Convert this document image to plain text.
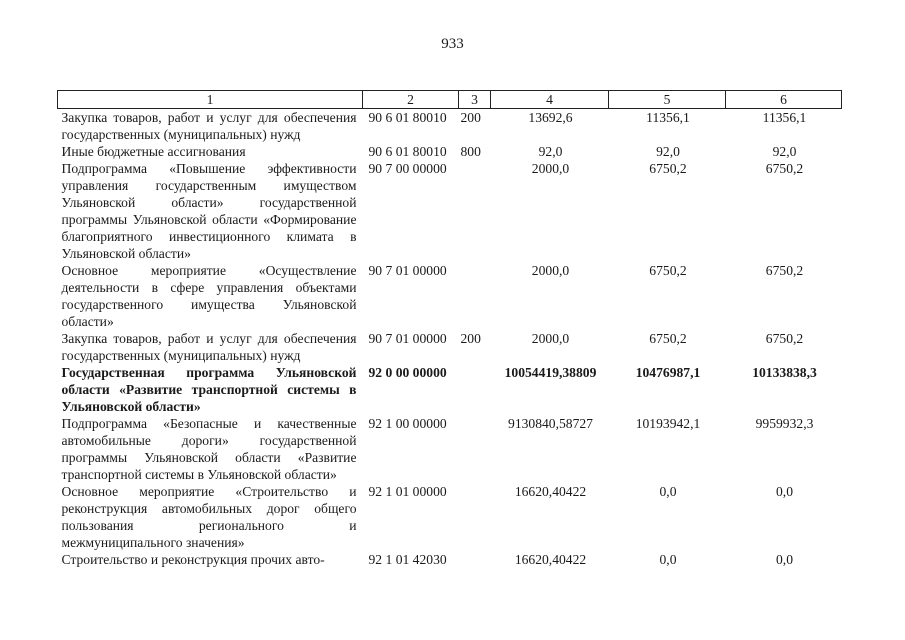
933
1	2	3	4	5	6
Закупка товаров, работ и услуг для обеспечения государственных (муниципальных) нужд	90 6 01 80010	200	13692,6	11356,1	11356,1
Иные бюджетные ассигнования	90 6 01 80010	800	92,0	92,0	92,0
Подпрограмма «Повышение эффективности управления государственным имуществом Ульяновской области» государственной программы Ульяновской области «Формирование благоприятного инвестиционного климата в Ульяновской области»	90 7 00 00000		2000,0	6750,2	6750,2
Основное мероприятие «Осуществление деятельности в сфере управления объектами государственного имущества Ульяновской области»	90 7 01 00000		2000,0	6750,2	6750,2
Закупка товаров, работ и услуг для обеспечения государственных (муниципальных) нужд	90 7 01 00000	200	2000,0	6750,2	6750,2
Государственная программа Ульяновской области «Развитие транспортной системы в Ульяновской области»	92 0 00 00000		10054419,38809	10476987,1	10133838,3
Подпрограмма «Безопасные и качественные автомобильные дороги» государственной программы Ульяновской области «Развитие транспортной системы в Ульяновской области»	92 1 00 00000		9130840,58727	10193942,1	9959932,3
Основное мероприятие «Строительство и реконструкция автомобильных дорог общего пользования регионального и межмуниципального значения»	92 1 01 00000		16620,40422	0,0	0,0
Строительство и реконструкция прочих авто-	92 1 01 42030		16620,40422	0,0	0,0
